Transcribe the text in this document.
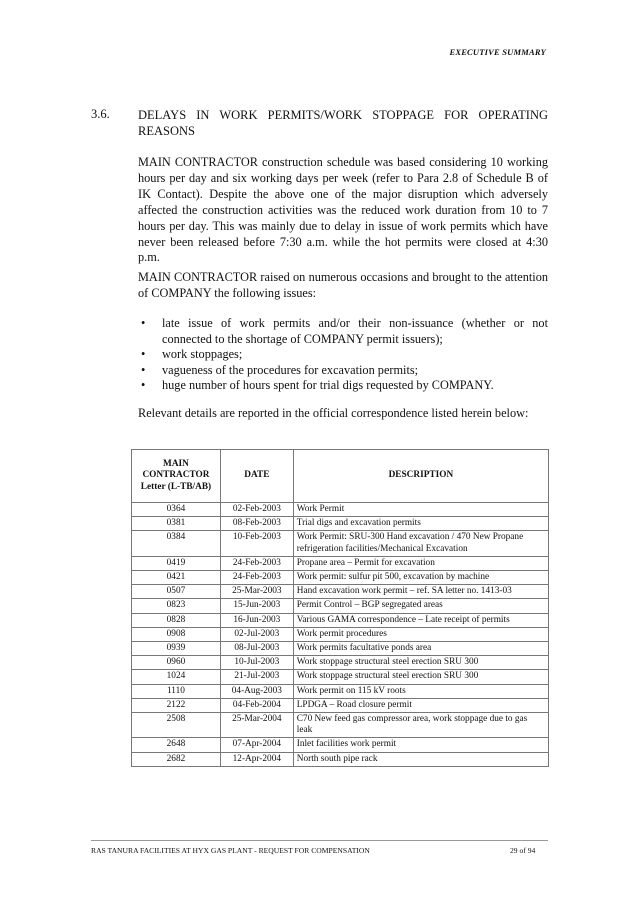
EXECUTIVE SUMMARY
3.6. DELAYS IN WORK PERMITS/WORK STOPPAGE FOR OPERATING REASONS
MAIN CONTRACTOR construction schedule was based considering 10 working hours per day and six working days per week (refer to Para 2.8 of Schedule B of IK Contact). Despite the above one of the major disruption which adversely affected the construction activities was the reduced work duration from 10 to 7 hours per day. This was mainly due to delay in issue of work permits which have never been released before 7:30 a.m. while the hot permits were closed at 4:30 p.m.
MAIN CONTRACTOR raised on numerous occasions and brought to the attention of COMPANY the following issues:
• late issue of work permits and/or their non-issuance (whether or not connected to the shortage of COMPANY permit issuers);
• work stoppages;
• vagueness of the procedures for excavation permits;
• huge number of hours spent for trial digs requested by COMPANY.
Relevant details are reported in the official correspondence listed herein below:
MAIN CONTRACTOR Letter (L-TB/AB)	DATE	DESCRIPTION
0364	02-Feb-2003	Work Permit
0381	08-Feb-2003	Trial digs and excavation permits
0384	10-Feb-2003	Work Permit: SRU-300 Hand excavation / 470 New Propane refrigeration facilities/Mechanical Excavation
0419	24-Feb-2003	Propane area – Permit for excavation
0421	24-Feb-2003	Work permit: sulfur pit 500, excavation by machine
0507	25-Mar-2003	Hand excavation work permit – ref. SA letter no. 1413-03
0823	15-Jun-2003	Permit Control – BGP segregated areas
0828	16-Jun-2003	Various GAMA correspondence – Late receipt of permits
0908	02-Jul-2003	Work permit procedures
0939	08-Jul-2003	Work permits facultative ponds area
0960	10-Jul-2003	Work stoppage structural steel erection SRU 300
1024	21-Jul-2003	Work stoppage structural steel erection SRU 300
1110	04-Aug-2003	Work permit on 115 kV roots
2122	04-Feb-2004	LPDGA – Road closure permit
2508	25-Mar-2004	C70 New feed gas compressor area, work stoppage due to gas leak
2648	07-Apr-2004	Inlet facilities work permit
2682	12-Apr-2004	North south pipe rack
RAS TANURA FACILITIES AT HYX GAS PLANT - REQUEST FOR COMPENSATION	29 of 94
